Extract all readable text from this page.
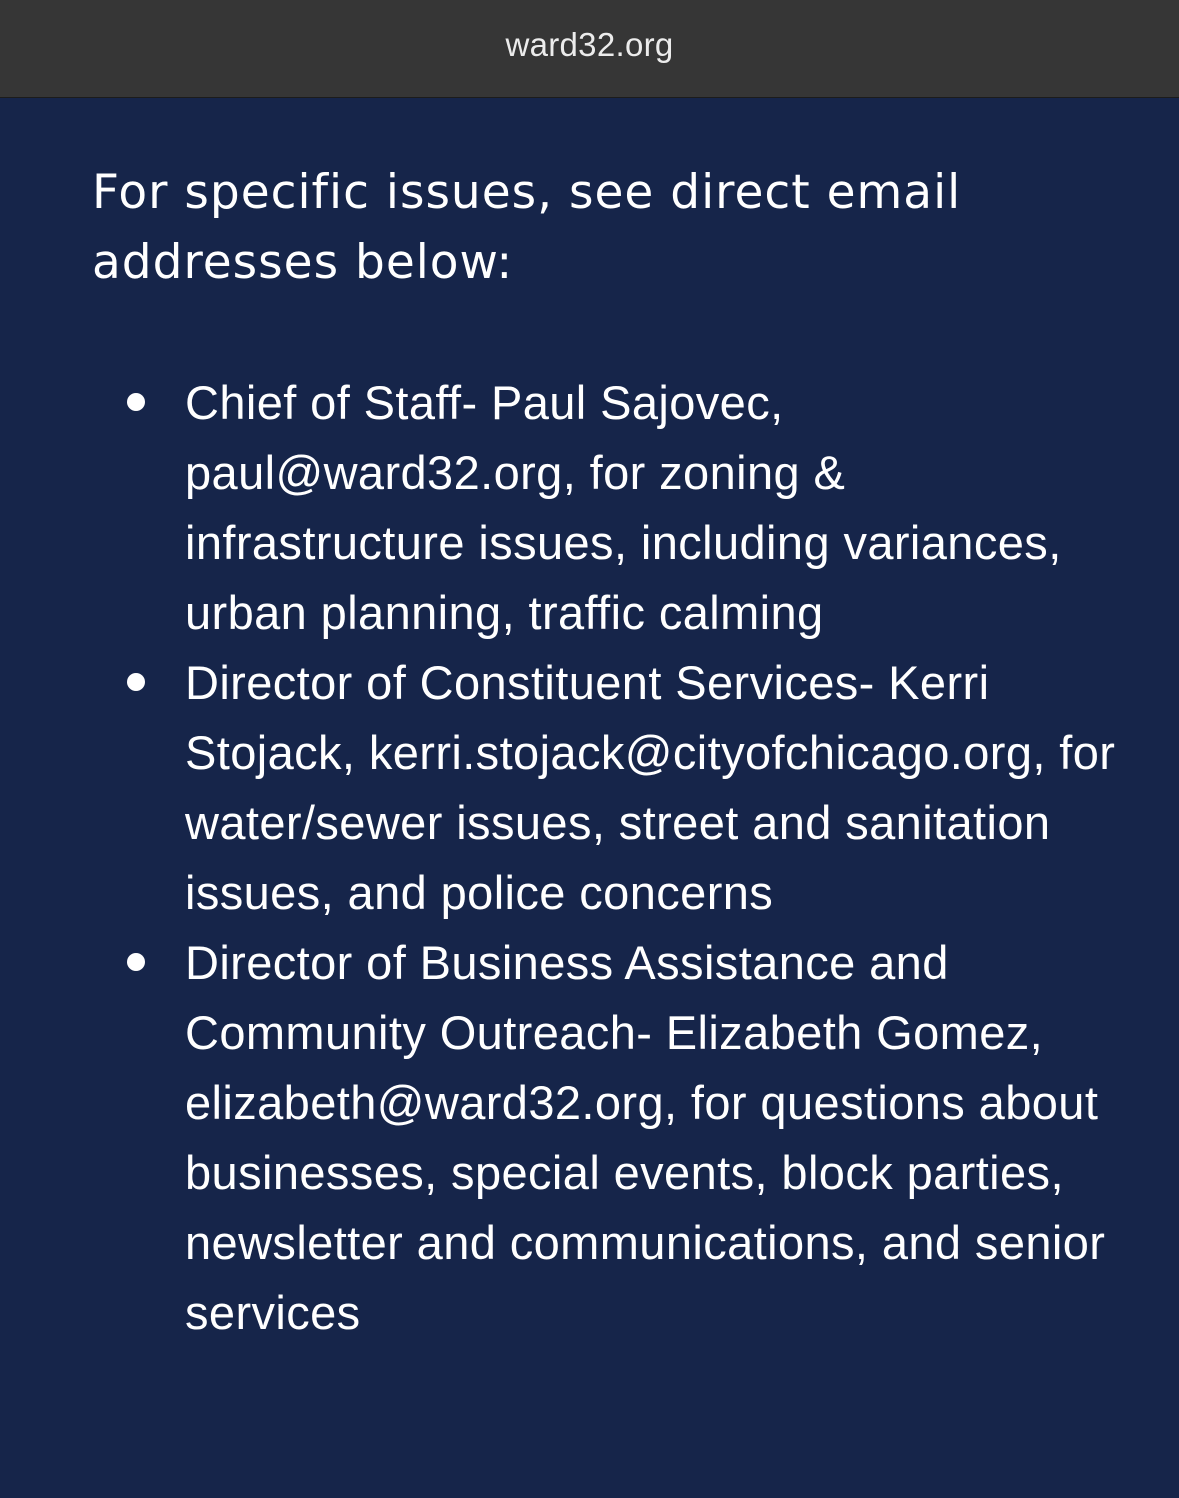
ward32.org

For specific issues, see direct email addresses below:

Chief of Staff- Paul Sajovec, paul@ward32.org, for zoning & infrastructure issues, including variances, urban planning, traffic calming
Director of Constituent Services- Kerri Stojack, kerri.stojack@cityofchicago.org, for water/sewer issues, street and sanitation issues, and police concerns
Director of Business Assistance and Community Outreach- Elizabeth Gomez, elizabeth@ward32.org, for questions about businesses, special events, block parties, newsletter and communications, and senior services
